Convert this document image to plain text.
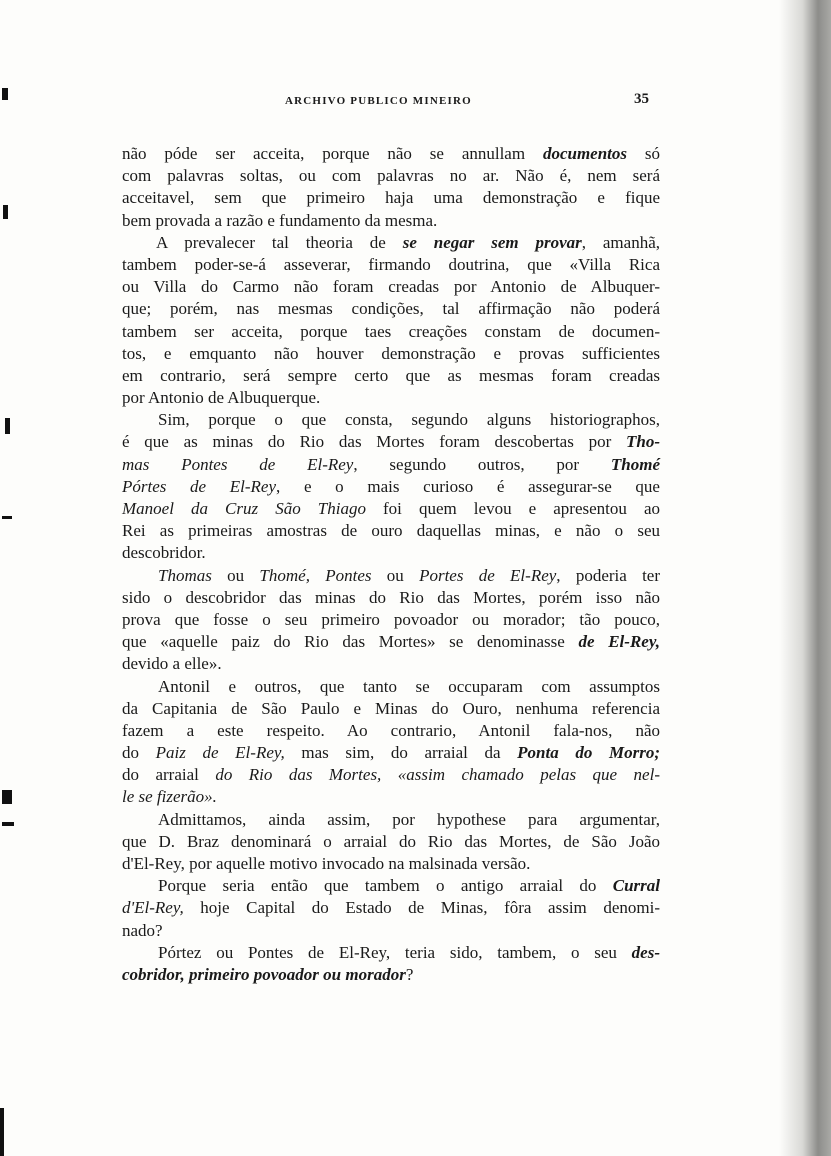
ARCHIVO PUBLICO MINEIRO	35
não póde ser acceita, porque não se annullam documentos só
com palavras soltas, ou com palavras no ar. Não é, nem será
acceitavel, sem que primeiro haja uma demonstração e fique
bem provada a razão e fundamento da mesma.
A prevalecer tal theoria de se negar sem provar, amanhã,
tambem poder-se-á asseverar, firmando doutrina, que «Villa Rica
ou Villa do Carmo não foram creadas por Antonio de Albuquer-
que; porém, nas mesmas condições, tal affirmação não poderá
tambem ser acceita, porque taes creações constam de documen-
tos, e emquanto não houver demonstração e provas sufficientes
em contrario, será sempre certo que as mesmas foram creadas
por Antonio de Albuquerque.
Sim, porque o que consta, segundo alguns historiographos,
é que as minas do Rio das Mortes foram descobertas por Tho-
mas Pontes de El-Rey, segundo outros, por Thomé
Pórtes de El-Rey, e o mais curioso é assegurar-se que
Manoel da Cruz São Thiago foi quem levou e apresentou ao
Rei as primeiras amostras de ouro daquellas minas, e não o seu
descobridor.
Thomas ou Thomé, Pontes ou Portes de El-Rey, poderia ter
sido o descobridor das minas do Rio das Mortes, porém isso não
prova que fosse o seu primeiro povoador ou morador; tão pouco,
que «aquelle paiz do Rio das Mortes» se denominasse de El-Rey,
devido a elle».
Antonil e outros, que tanto se occuparam com assumptos
da Capitania de São Paulo e Minas do Ouro, nenhuma referencia
fazem a este respeito. Ao contrario, Antonil fala-nos, não
do Paiz de El-Rey, mas sim, do arraial da Ponta do Morro;
do arraial do Rio das Mortes, «assim chamado pelas que nel-
le se fizerão».
Admittamos, ainda assim, por hypothese para argumentar,
que D. Braz denominará o arraial do Rio das Mortes, de São João
d'El-Rey, por aquelle motivo invocado na malsinada versão.
Porque seria então que tambem o antigo arraial do Curral
d'El-Rey, hoje Capital do Estado de Minas, fôra assim denomi-
nado?
Pórtez ou Pontes de El-Rey, teria sido, tambem, o seu des-
cobridor, primeiro povoador ou morador?
